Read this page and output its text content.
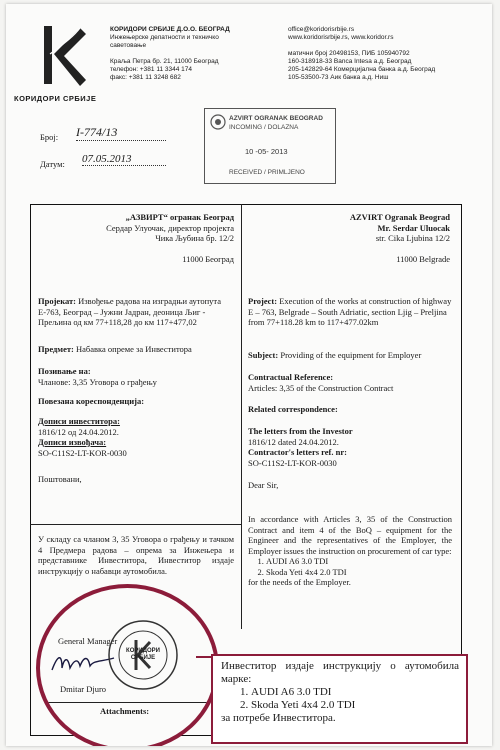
КОРИДОРИ СРБИЈЕ
КОРИДОРИ СРБИЈЕ Д.О.О. БЕОГРАД
Инжењерске делатности и техничко
саветовање
Краља Петра бр. 21, 11000 Београд
телефон: +381 11 3344 174
факс: +381 11 3248 682
office@koridorisrbije.rs
www.koridorisrbije.rs, www.koridor.rs
матични број 20498153, ПИБ 105940792
160-318918-33 Banca Intesa a.д. Београд
205-142829-64 Комерцијална банка а.д. Београд
105-53500-73 Аик банка а.д. Ниш
Број: I-774/13
Датум: 07.05.2013
AZVIRT OGRANAK BEOGRAD
INCOMING / DOLAZNA
10 -05- 2013
RECEIVED / PRIMLJENO
„АЗВИРТ“ огранак Београд
Сердар Улуочак, директор пројекта
Чика Љубина бр. 12/2
11000 Београд
Пројекат: Извођење радова на изградњи аутопута Е-763, Београд – Јужни Јадран, деоница Љиг - Прељина од км 77+118,28 до км 117+477,02
Предмет: Набавка опреме за Инвеститора
Позивање на:
Чланове: 3,35 Уговора о грађењу
Повезана кореспонденција:
Дописи инвеститора:
1816/12 од 24.04.2012.
Дописи извођача:
SO-C11S2-LT-KOR-0030
Поштовани,
У складу са чланом 3, 35 Уговора о грађењу и тачком 4 Предмера радова – опрема за Инжењера и представнике Инвеститора, Инвеститор издаје инструкцију о набавци аутомобила.
AZVIRT Ogranak Beograd
Mr. Serdar Uluocak
str. Cika Ljubina 12/2
11000 Belgrade
Project: Execution of the works at construction of highway E – 763, Belgrade – South Adriatic, section Ljig – Preljina from 77+118.28 km to 117+477.02km
Subject: Providing of the equipment for Employer
Contractual Reference:
Articles: 3,35 of the Construction Contract
Related correspondence:
The letters from the Investor
1816/12 dated 24.04.2012.
Contractor's letters ref. nr:
SO-C11S2-LT-KOR-0030
Dear Sir,
In accordance with Articles 3, 35 of the Construction Contract and item 4 of the BoQ – equipment for the Engineer and the representatives of the Employer, the Employer issues the instruction on procurement of car type:
1. AUDI A6 3.0 TDI
2. Skoda Yeti 4x4 2.0 TDI
for the needs of the Employer.
General Manager
КОРИДОРИ СРБИЈЕ
Dmitar Djuro
Attachments:
Инвеститор издаје инструкцију о аутомобила марке:
1. AUDI A6 3.0 TDI
2. Skoda Yeti 4x4 2.0 TDI
за потребе Инвеститора.
